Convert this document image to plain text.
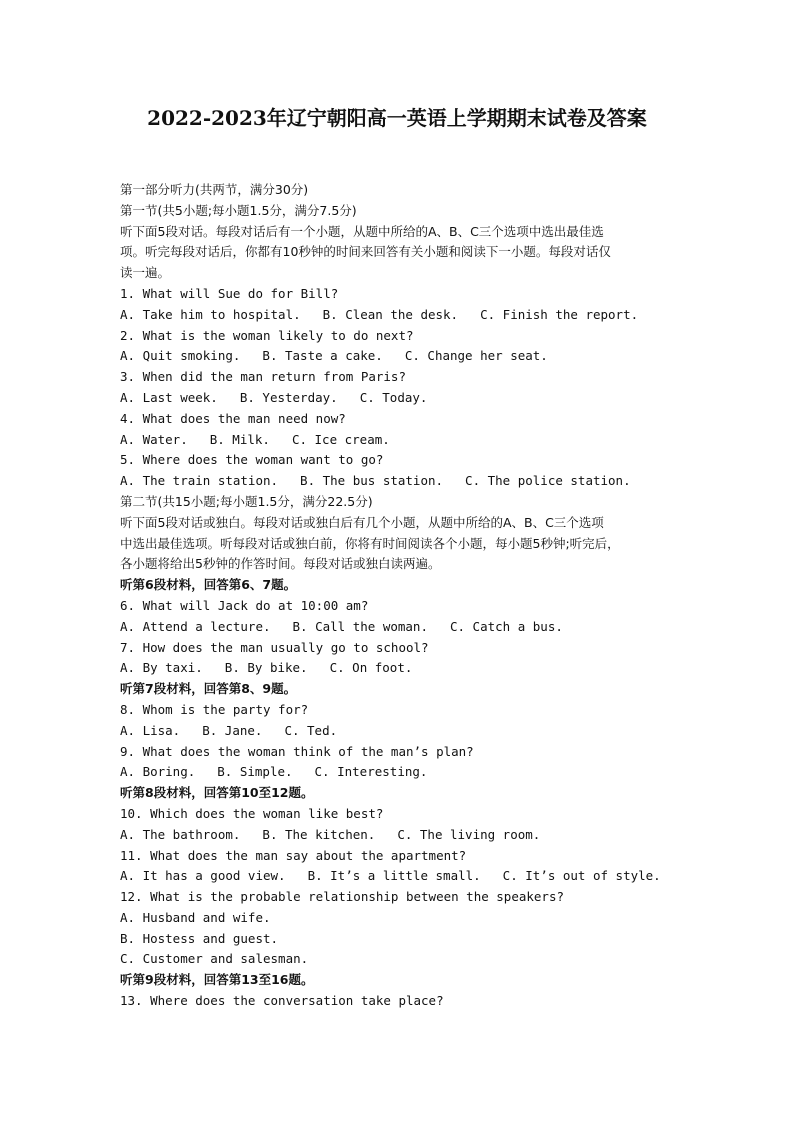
2022-2023年辽宁朝阳高一英语上学期期末试卷及答案
第一部分听力(共两节，满分30分)
第一节(共5小题;每小题1.5分，满分7.5分)
听下面5段对话。每段对话后有一个小题，从题中所给的A、B、C三个选项中选出最佳选
项。听完每段对话后，你都有10秒钟的时间来回答有关小题和阅读下一小题。每段对话仅
读一遍。
1. What will Sue do for Bill?
A. Take him to hospital. B. Clean the desk. C. Finish the report.
2. What is the woman likely to do next?
A. Quit smoking. B. Taste a cake. C. Change her seat.
3. When did the man return from Paris?
A. Last week. B. Yesterday. C. Today.
4. What does the man need now?
A. Water. B. Milk. C. Ice cream.
5. Where does the woman want to go?
A. The train station. B. The bus station. C. The police station.
第二节(共15小题;每小题1.5分，满分22.5分)
听下面5段对话或独白。每段对话或独白后有几个小题，从题中所给的A、B、C三个选项
中选出最佳选项。听每段对话或独白前，你将有时间阅读各个小题，每小题5秒钟;听完后，
各小题将给出5秒钟的作答时间。每段对话或独白读两遍。
听第6段材料，回答第6、7题。
6. What will Jack do at 10:00 am?
A. Attend a lecture. B. Call the woman. C. Catch a bus.
7. How does the man usually go to school?
A. By taxi. B. By bike. C. On foot.
听第7段材料，回答第8、9题。
8. Whom is the party for?
A. Lisa. B. Jane. C. Ted.
9. What does the woman think of the man’s plan?
A. Boring. B. Simple. C. Interesting.
听第8段材料，回答第10至12题。
10. Which does the woman like best?
A. The bathroom. B. The kitchen. C. The living room.
11. What does the man say about the apartment?
A. It has a good view. B. It’s a little small. C. It’s out of style.
12. What is the probable relationship between the speakers?
A. Husband and wife.
B. Hostess and guest.
C. Customer and salesman.
听第9段材料，回答第13至16题。
13. Where does the conversation take place?
